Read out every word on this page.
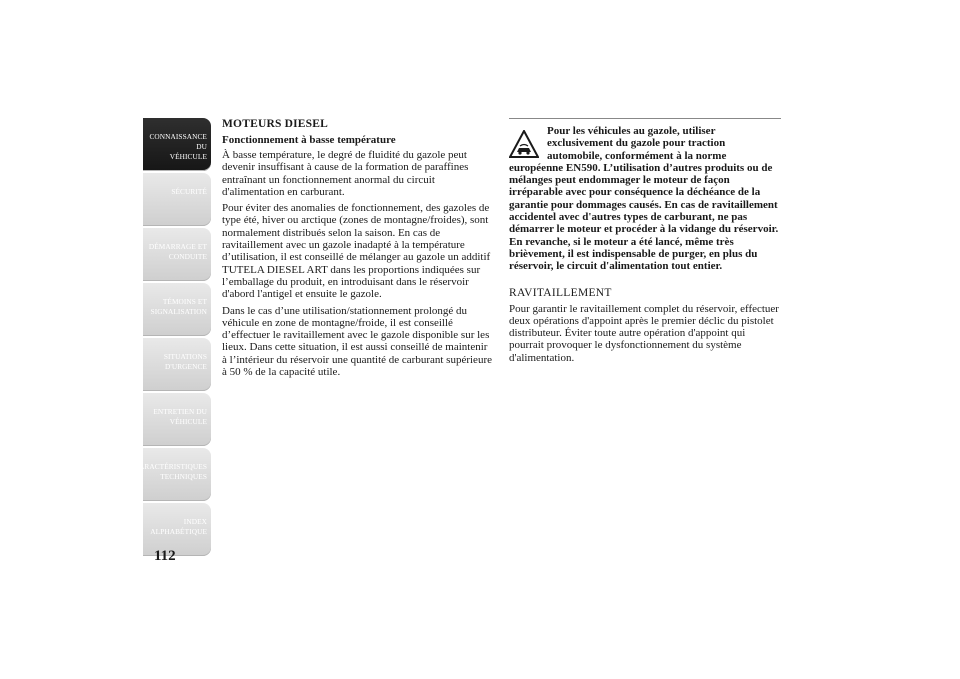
CONNAISSANCE DU
VÉHICULE
SÉCURITÉ
DÉMARRAGE ET
CONDUITE
TÉMOINS ET
SIGNALISATION
SITUATIONS
D'URGENCE
ENTRETIEN DU
VÉHICULE
CARACTÉRISTIQUES
TECHNIQUES
INDEX
ALPHABÉTIQUE
112
MOTEURS DIESEL
Fonctionnement à basse température

À basse température, le degré de fluidité du gazole peut devenir insuffisant à cause de la formation de paraffines entraînant un fonctionnement anormal du circuit d'alimentation en carburant.

Pour éviter des anomalies de fonctionnement, des gazoles de type été, hiver ou arctique (zones de montagne/froides), sont normalement distribués selon la saison. En cas de ravitaillement avec un gazole inadapté à la température d’utilisation, il est conseillé de mélanger au gazole un additif TUTELA DIESEL ART dans les proportions indiquées sur l’emballage du produit, en introduisant dans le réservoir d'abord l'antigel et ensuite le gazole.

Dans le cas d’une utilisation/stationnement prolongé du véhicule en zone de montagne/froide, il est conseillé d’effectuer le ravitaillement avec le gazole disponible sur les lieux. Dans cette situation, il est aussi conseillé de maintenir à l’intérieur du réservoir une quantité de carburant supérieure à 50 % de la capacité utile.

Pour les véhicules au gazole, utiliser exclusivement du gazole pour traction automobile, conformément à la norme européenne EN590. L’utilisation d’autres produits ou de mélanges peut endommager le moteur de façon irréparable avec pour conséquence la déchéance de la garantie pour dommages causés. En cas de ravitaillement accidentel avec d'autres types de carburant, ne pas démarrer le moteur et procéder à la vidange du réservoir. En revanche, si le moteur a été lancé, même très brièvement, il est indispensable de purger, en plus du réservoir, le circuit d'alimentation tout entier.
RAVITAILLEMENT

Pour garantir le ravitaillement complet du réservoir, effectuer deux opérations d'appoint après le premier déclic du pistolet distributeur. Éviter toute autre opération d'appoint qui pourrait provoquer le dysfonctionnement du système d'alimentation.
